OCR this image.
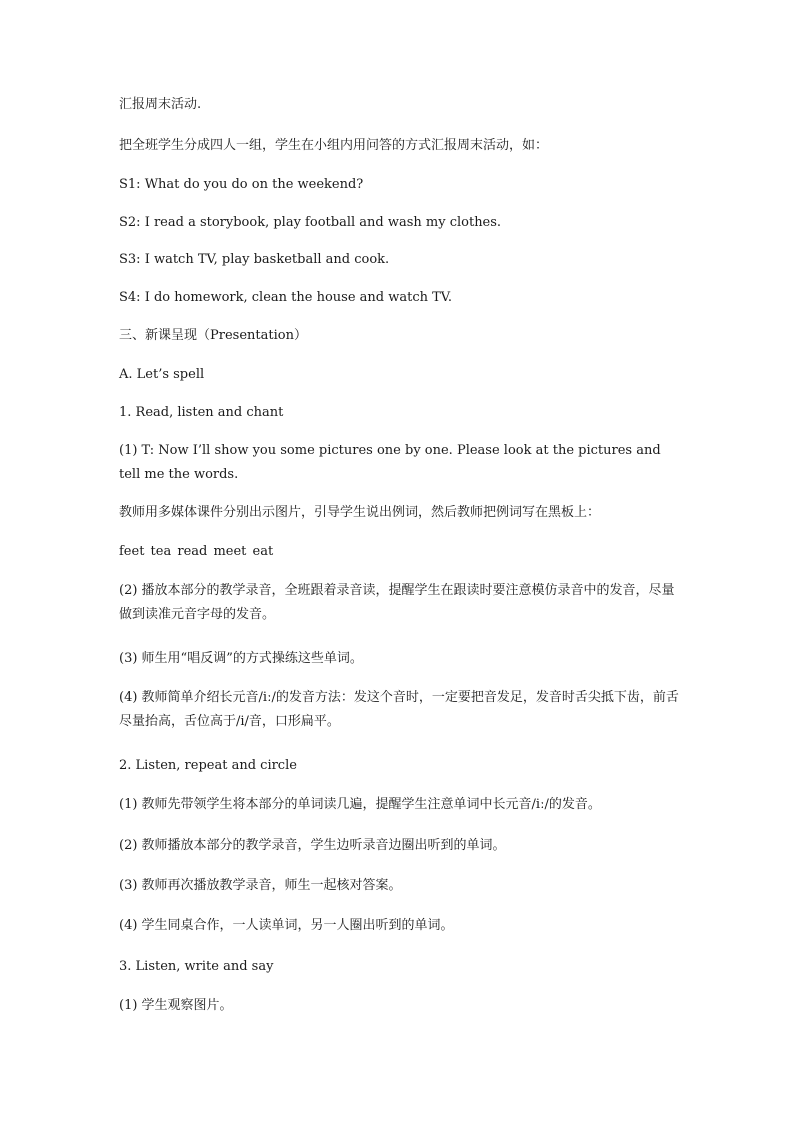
汇报周末活动.
把全班学生分成四人一组，学生在小组内用问答的方式汇报周末活动，如：
S1: What do you do on the weekend?
S2: I read a storybook, play football and wash my clothes.
S3: I watch TV, play basketball and cook.
S4: I do homework, clean the house and watch TV.
三、新课呈现（Presentation）
A. Let’s spell
1. Read, listen and chant
(1) T: Now I’ll show you some pictures one by one. Please look at the pictures and tell me the words.
教师用多媒体课件分别出示图片，引导学生说出例词，然后教师把例词写在黑板上：
feet tea read meet eat
(2) 播放本部分的教学录音，全班跟着录音读，提醒学生在跟读时要注意模仿录音中的发音，尽量做到读准元音字母的发音。
(3) 师生用“唱反调”的方式操练这些单词。
(4) 教师简单介绍长元音/iː/的发音方法：发这个音时，一定要把音发足，发音时舌尖抵下齿，前舌尽量抬高，舌位高于/i/音，口形扁平。
2. Listen, repeat and circle
(1) 教师先带领学生将本部分的单词读几遍，提醒学生注意单词中长元音/iː/的发音。
(2) 教师播放本部分的教学录音，学生边听录音边圈出听到的单词。
(3) 教师再次播放教学录音，师生一起核对答案。
(4) 学生同桌合作，一人读单词，另一人圈出听到的单词。
3. Listen, write and say
(1) 学生观察图片。
